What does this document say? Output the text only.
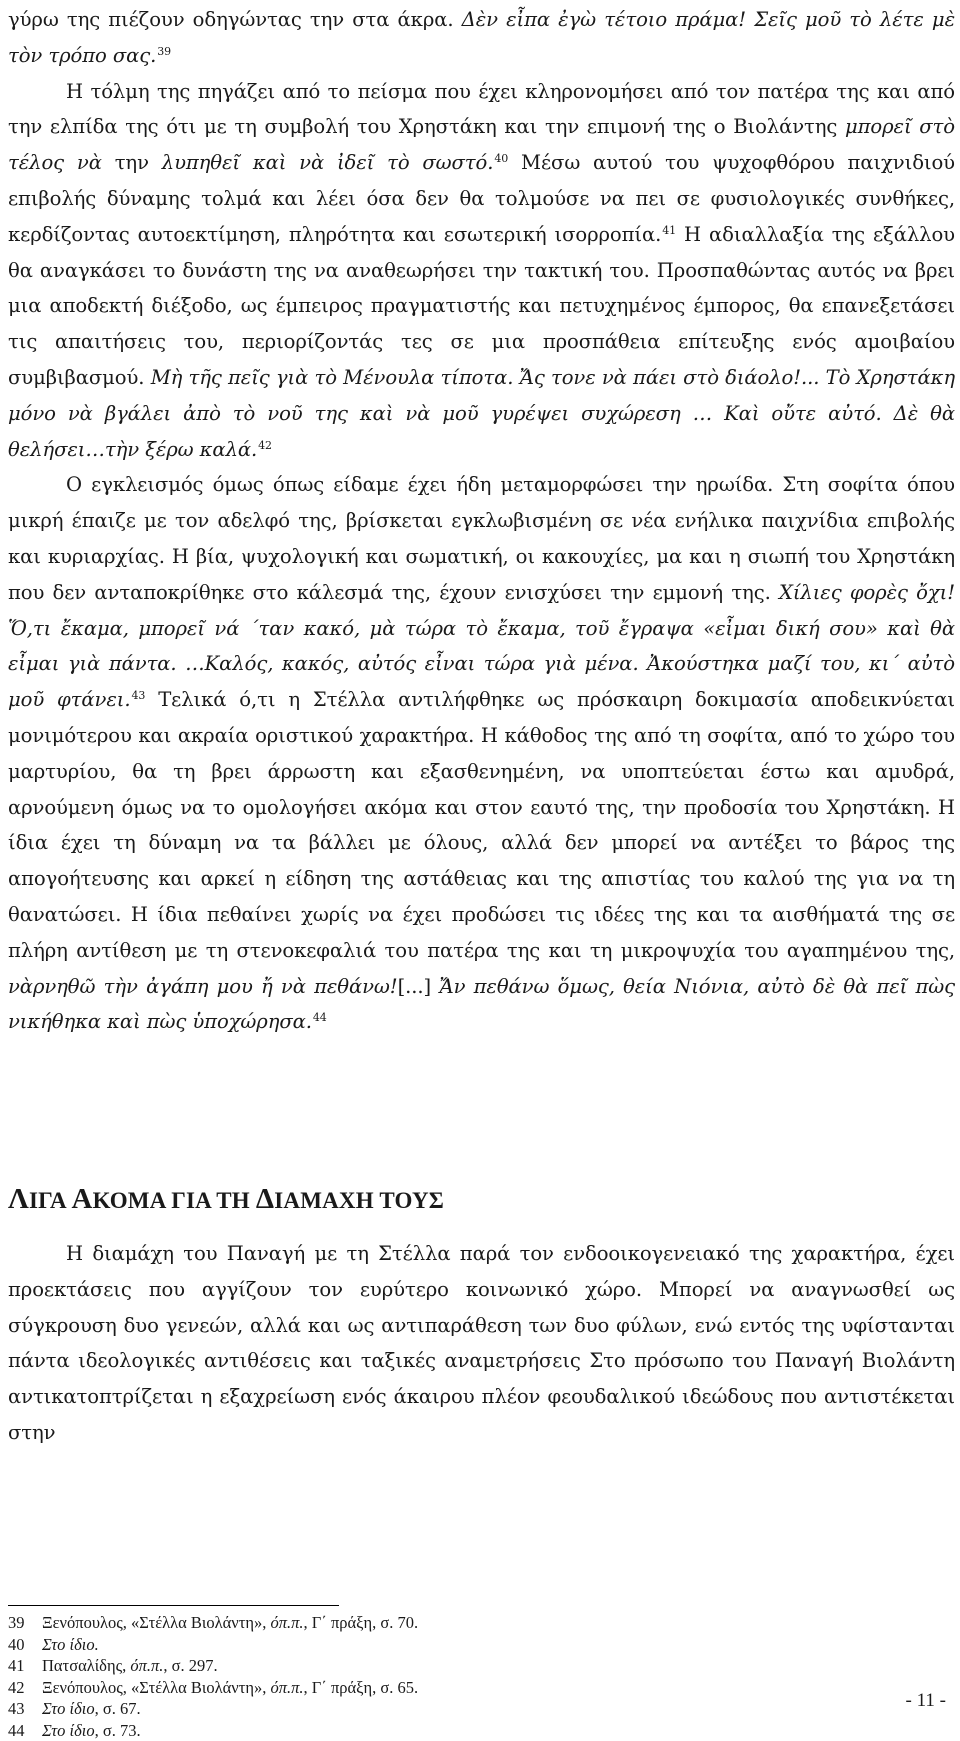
γύρω της πιέζουν οδηγώντας την στα άκρα. Δὲν εἶπα ἐγὼ τέτοιο πράμα! Σεῖς μοῦ τὸ λέτε μὲ τὸν τρόπο σας.$^{39}$

Η τόλμη της πηγάζει από το πείσμα που έχει κληρονομήσει από τον πατέρα της και από την ελπίδα της ότι με τη συμβολή του Χρηστάκη και την επιμονή της ο Βιολάντης μπορεῖ στὸ τέλος νὰ την λυπηθεῖ καὶ νὰ ἰδεῖ τὸ σωστό.$^{40}$ Μέσω αυτού του ψυχοφθόρου παιχνιδιού επιβολής δύναμης τολμά και λέει όσα δεν θα τολμούσε να πει σε φυσιολογικές συνθήκες, κερδίζοντας αυτοεκτίμηση, πληρότητα και εσωτερική ισορροπία.$^{41}$ Η αδιαλλαξία της εξάλλου θα αναγκάσει το δυνάστη της να αναθεωρήσει την τακτική του. Προσπαθώντας αυτός να βρει μια αποδεκτή διέξοδο, ως έμπειρος πραγματιστής και πετυχημένος έμπορος, θα επανεξετάσει τις απαιτήσεις του, περιορίζοντάς τες σε μια προσπάθεια επίτευξης ενός αμοιβαίου συμβιβασμού. Μὴ τῆς πεῖς γιὰ τὸ Μένουλα τίποτα. Ἄς τονε νὰ πάει στὸ διάολο!... Τὸ Χρηστάκη μόνο νὰ βγάλει ἀπὸ τὸ νοῦ της καὶ νὰ μοῦ γυρέψει συχώρεση … Καὶ οὔτε αὐτό. Δὲ θὰ θελήσει…τὴν ξέρω καλά.$^{42}$

Ο εγκλεισμός όμως όπως είδαμε έχει ήδη μεταμορφώσει την ηρωίδα. Στη σοφίτα όπου μικρή έπαιζε με τον αδελφό της, βρίσκεται εγκλωβισμένη σε νέα ενήλικα παιχνίδια επιβολής και κυριαρχίας. Η βία, ψυχολογική και σωματική, οι κακουχίες, μα και η σιωπή του Χρηστάκη που δεν ανταποκρίθηκε στο κάλεσμά της, έχουν ενισχύσει την εμμονή της. Χίλιες φορὲς ὄχι! Ὅ,τι ἔκαμα, μπορεῖ νά ΄ταν κακό, μὰ τώρα τὸ ἔκαμα, τοῦ ἔγραψα «εἶμαι δική σου» καὶ θὰ εἶμαι γιὰ πάντα. …Καλός, κακός, αὐτός εἶναι τώρα γιὰ μένα. Ἀκούστηκα μαζί του, κι΄ αὐτὸ μοῦ φτάνει.$^{43}$ Τελικά ό,τι η Στέλλα αντιλήφθηκε ως πρόσκαιρη δοκιμασία αποδεικνύεται μονιμότερου και ακραία οριστικού χαρακτήρα. Η κάθοδος της από τη σοφίτα, από το χώρο του μαρτυρίου, θα τη βρει άρρωστη και εξασθενημένη, να υποπτεύεται έστω και αμυδρά, αρνούμενη όμως να το ομολογήσει ακόμα και στον εαυτό της, την προδοσία του Χρηστάκη. Η ίδια έχει τη δύναμη να τα βάλλει με όλους, αλλά δεν μπορεί να αντέξει το βάρος της απογοήτευσης και αρκεί η είδηση της αστάθειας και της απιστίας του καλού της για να τη θανατώσει. Η ίδια πεθαίνει χωρίς να έχει προδώσει τις ιδέες της και τα αισθήματά της σε πλήρη αντίθεση με τη στενοκεφαλιά του πατέρα της και τη μικροψυχία του αγαπημένου της, νὰρνηθῶ τὴν ἀγάπη μου ἤ νὰ πεθάνω![...] Ἄν πεθάνω ὅμως, θεία Νιόνια, αὐτὸ δὲ θὰ πεῖ πὼς νικήθηκα καὶ πὼς ὑποχώρησα.$^{44}$

ΛΙΓΑ ΑΚΟΜΑ ΓΙΑ ΤΗ ΔΙΑΜΑΧΗ ΤΟΥΣ

Η διαμάχη του Παναγή με τη Στέλλα παρά τον ενδοοικογενειακό της χαρακτήρα, έχει προεκτάσεις που αγγίζουν τον ευρύτερο κοινωνικό χώρο. Μπορεί να αναγνωσθεί ως σύγκρουση δυο γενεών, αλλά και ως αντιπαράθεση των δυο φύλων, ενώ εντός της υφίστανται πάντα ιδεολογικές αντιθέσεις και ταξικές αναμετρήσεις Στο πρόσωπο του Παναγή Βιολάντη αντικατοπτρίζεται η εξαχρείωση ενός άκαιρου πλέον φεουδαλικού ιδεώδους που αντιστέκεται στην

39	Ξενόπουλος, «Στέλλα Βιολάντη», όπ.π., Γ΄ πράξη, σ. 70.
40	Στο ίδιο.
41	Πατσαλίδης, όπ.π., σ. 297.
42	Ξενόπουλος, «Στέλλα Βιολάντη», όπ.π., Γ΄ πράξη, σ. 65.
43	Στο ίδιο, σ. 67.
44	Στο ίδιο, σ. 73.
- 11 -
